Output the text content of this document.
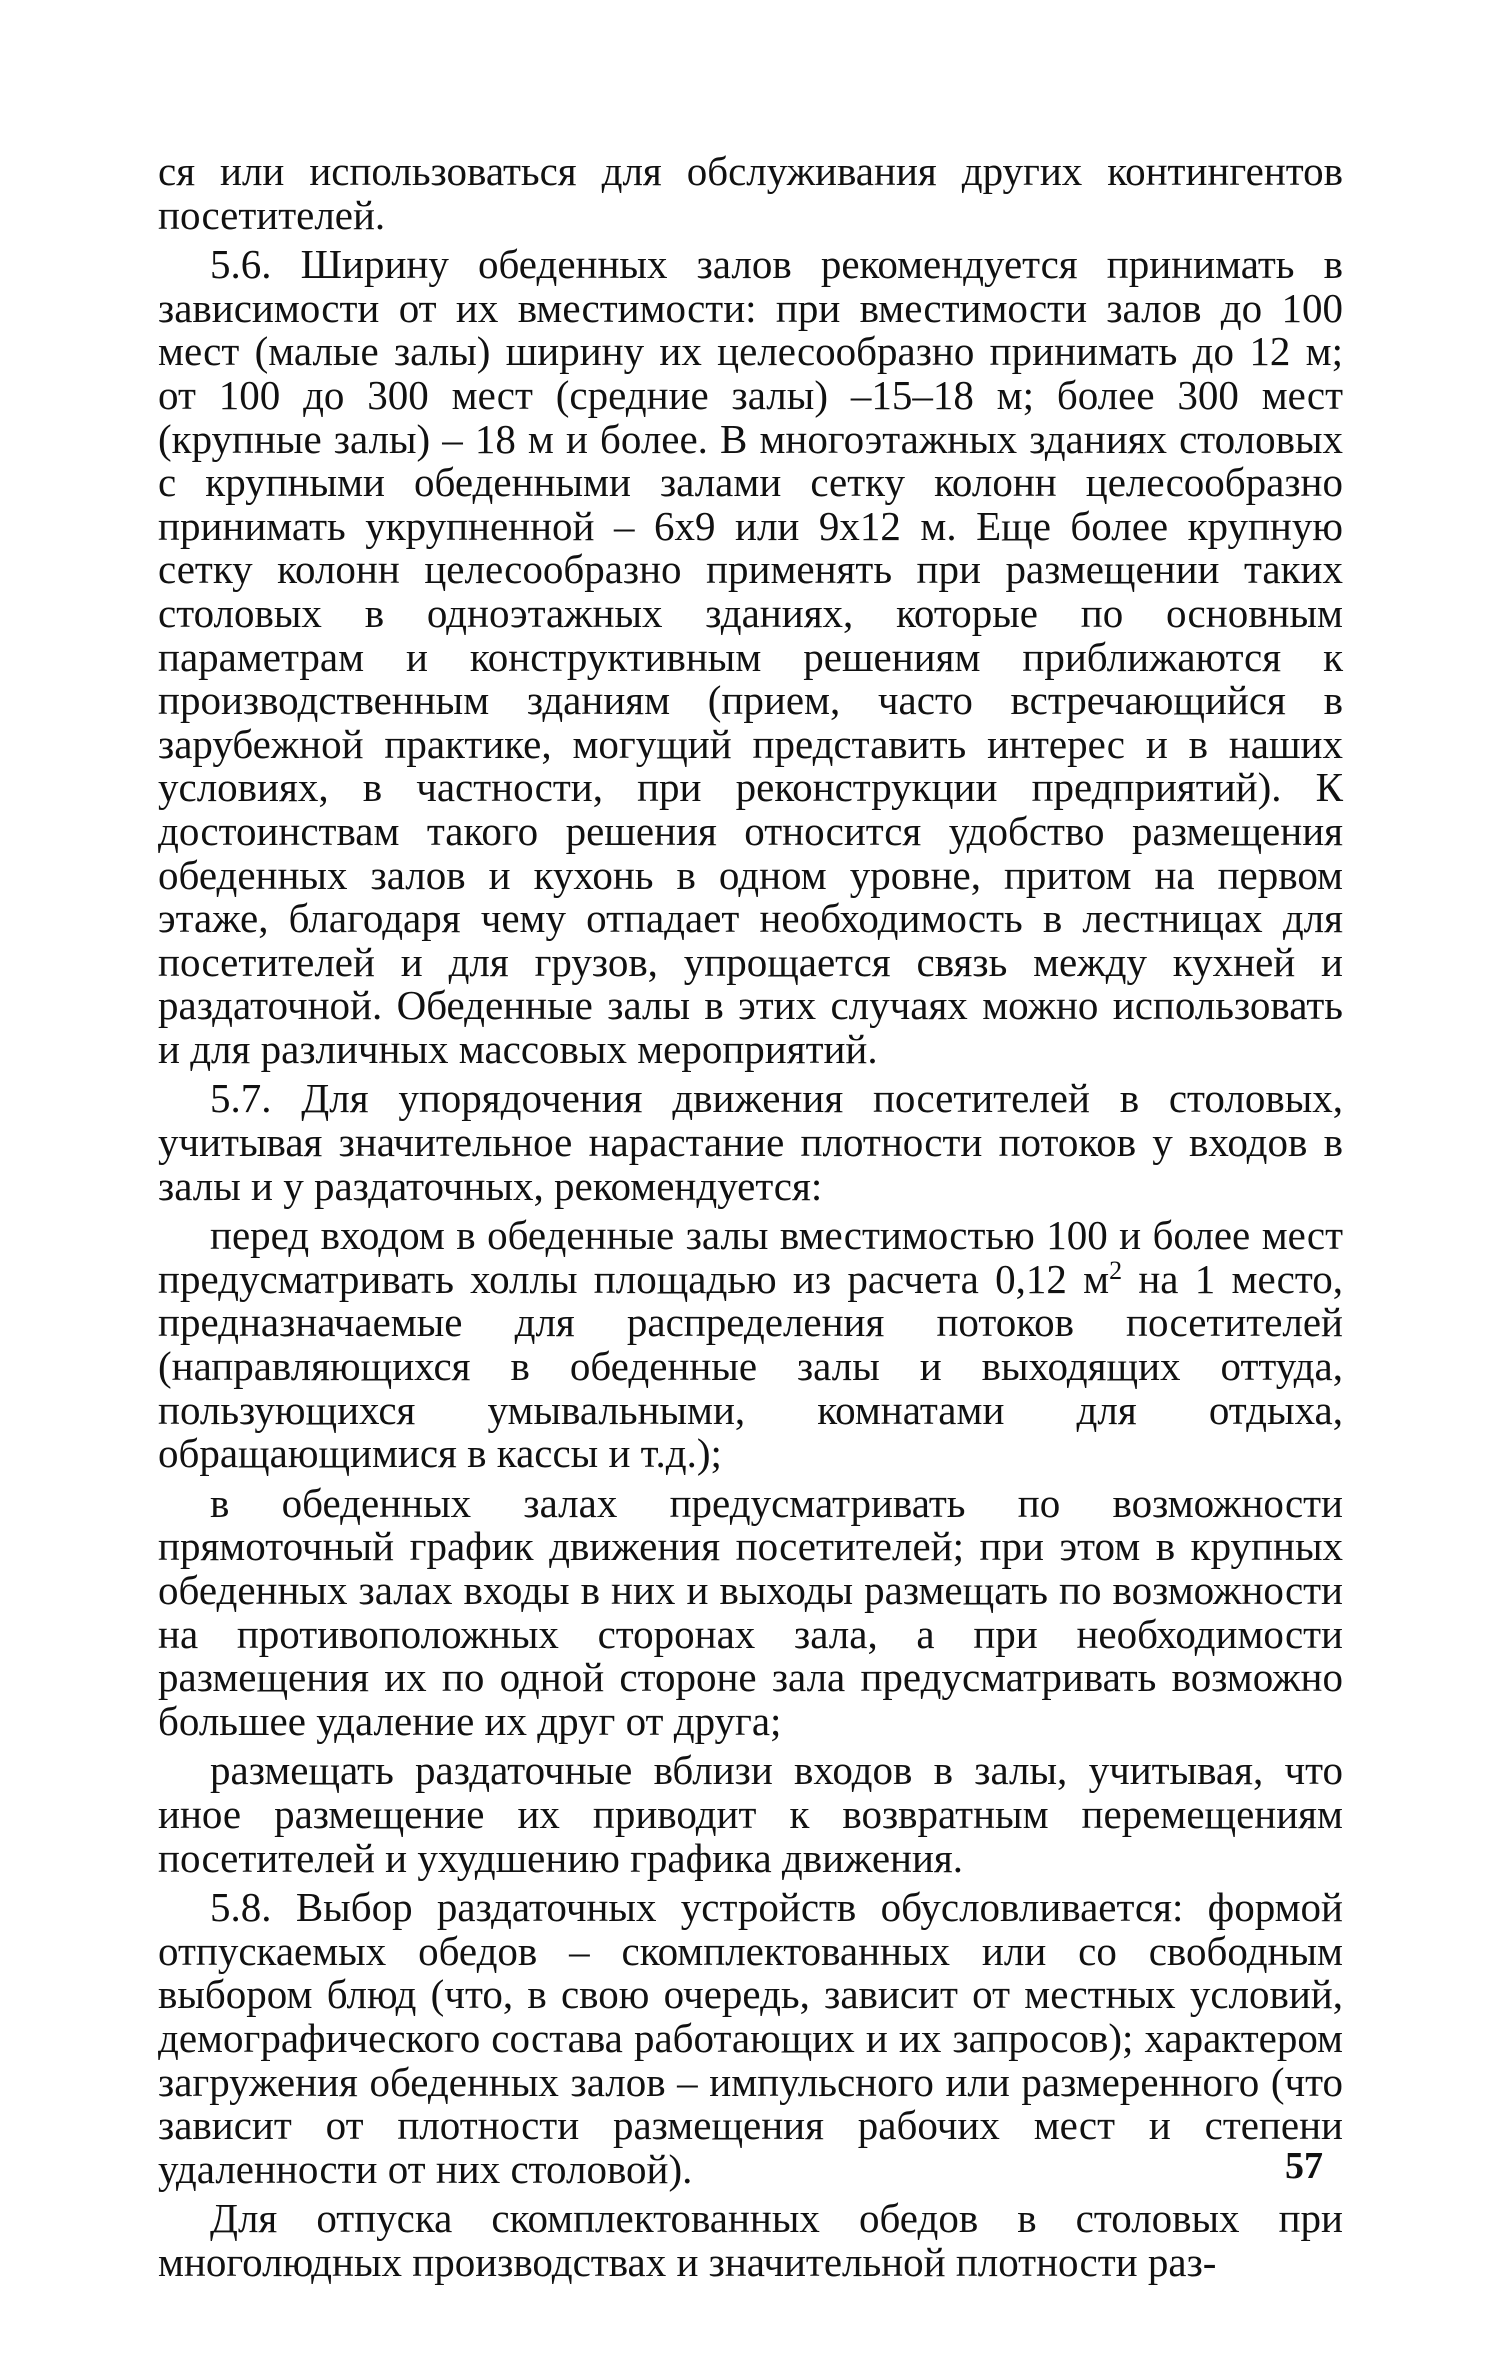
ся или использоваться для обслуживания других контингентов посетителей.

5.6. Ширину обеденных залов рекомендуется принимать в зависимости от их вместимости: при вместимости залов до 100 мест (малые залы) ширину их целесообразно принимать до 12 м; от 100 до 300 мест (средние залы) –15–18 м; более 300 мест (крупные залы) – 18 м и более. В многоэтажных зданиях столовых с крупными обеденными залами сетку колонн целесообразно принимать укрупненной – 6х9 или 9х12 м. Еще более крупную сетку колонн целесообразно применять при размещении таких столовых в одноэтажных зданиях, которые по основным параметрам и конструктивным решениям приближаются к производственным зданиям (прием, часто встречающийся в зарубежной практике, могущий представить интерес и в наших условиях, в частности, при реконструкции предприятий). К достоинствам такого решения относится удобство размещения обеденных залов и кухонь в одном уровне, притом на первом этаже, благодаря чему отпадает необходимость в лестницах для посетителей и для грузов, упрощается связь между кухней и раздаточной. Обеденные залы в этих случаях можно использовать и для различных массовых мероприятий.

5.7. Для упорядочения движения посетителей в столовых, учитывая значительное нарастание плотности потоков у входов в залы и у раздаточных, рекомендуется:

перед входом в обеденные залы вместимостью 100 и более мест предусматривать холлы площадью из расчета 0,12 $м^2$ на 1 место, предназначаемые для распределения потоков посетителей (направляющихся в обеденные залы и выходящих оттуда, пользующихся умывальными, комнатами для отдыха, обращающимися в кассы и т.д.);

в обеденных залах предусматривать по возможности прямоточный график движения посетителей; при этом в крупных обеденных залах входы в них и выходы размещать по возможности на противоположных сторонах зала, а при необходимости размещения их по одной стороне зала предусматривать возможно большее удаление их друг от друга;

размещать раздаточные вблизи входов в залы, учитывая, что иное размещение их приводит к возвратным перемещениям посетителей и ухудшению графика движения.

5.8. Выбор раздаточных устройств обусловливается: формой отпускаемых обедов – скомплектованных или со свободным выбором блюд (что, в свою очередь, зависит от местных условий, демографического состава работающих и их запросов); характером загружения обеденных залов – импульсного или размеренного (что зависит от плотности размещения рабочих мест и степени удаленности от них столовой).

Для отпуска скомплектованных обедов в столовых при многолюдных производствах и значительной плотности раз-

57
